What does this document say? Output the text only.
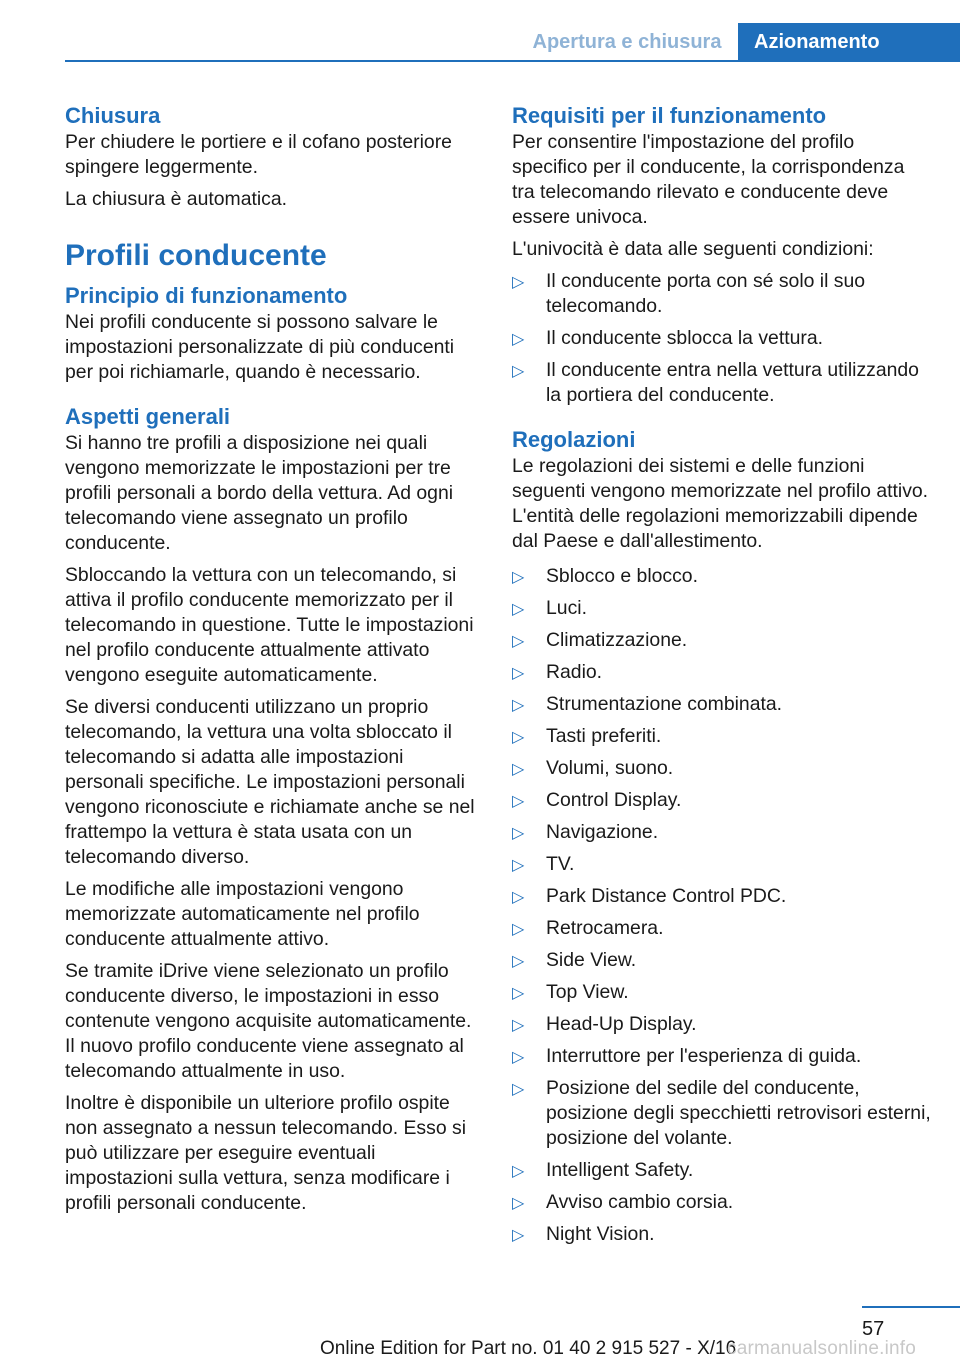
Apertura e chiusura	Azionamento

Chiusura

Per chiudere le portiere e il cofano posteriore spingere leggermente.

La chiusura è automatica.

Profili conducente

Principio di funzionamento

Nei profili conducente si possono salvare le impostazioni personalizzate di più conducenti per poi richiamarle, quando è necessario.

Aspetti generali

Si hanno tre profili a disposizione nei quali vengono memorizzate le impostazioni per tre profili personali a bordo della vettura. Ad ogni telecomando viene assegnato un profilo conducente.

Sbloccando la vettura con un telecomando, si attiva il profilo conducente memorizzato per il telecomando in questione. Tutte le impostazioni nel profilo conducente attualmente attivato vengono eseguite automaticamente.

Se diversi conducenti utilizzano un proprio telecomando, la vettura una volta sbloccato il telecomando si adatta alle impostazioni personali specifiche. Le impostazioni personali vengono riconosciute e richiamate anche se nel frattempo la vettura è stata usata con un telecomando diverso.

Le modifiche alle impostazioni vengono memorizzate automaticamente nel profilo conducente attualmente attivo.

Se tramite iDrive viene selezionato un profilo conducente diverso, le impostazioni in esso contenute vengono acquisite automaticamente. Il nuovo profilo conducente viene assegnato al telecomando attualmente in uso.

Inoltre è disponibile un ulteriore profilo ospite non assegnato a nessun telecomando. Esso si può utilizzare per eseguire eventuali impostazioni sulla vettura, senza modificare i profili personali conducente.

Requisiti per il funzionamento

Per consentire l'impostazione del profilo specifico per il conducente, la corrispondenza tra telecomando rilevato e conducente deve essere univoca.

L'univocità è data alle seguenti condizioni:

▷ Il conducente porta con sé solo il suo telecomando.
▷ Il conducente sblocca la vettura.
▷ Il conducente entra nella vettura utilizzando la portiera del conducente.

Regolazioni

Le regolazioni dei sistemi e delle funzioni seguenti vengono memorizzate nel profilo attivo. L'entità delle regolazioni memorizzabili dipende dal Paese e dall'allestimento.

▷ Sblocco e blocco.
▷ Luci.
▷ Climatizzazione.
▷ Radio.
▷ Strumentazione combinata.
▷ Tasti preferiti.
▷ Volumi, suono.
▷ Control Display.
▷ Navigazione.
▷ TV.
▷ Park Distance Control PDC.
▷ Retrocamera.
▷ Side View.
▷ Top View.
▷ Head-Up Display.
▷ Interruttore per l'esperienza di guida.
▷ Posizione del sedile del conducente, posizione degli specchietti retrovisori esterni, posizione del volante.
▷ Intelligent Safety.
▷ Avviso cambio corsia.
▷ Night Vision.
57
Online Edition for Part no. 01 40 2 915 527 - X/16
carmanualsonline.info
